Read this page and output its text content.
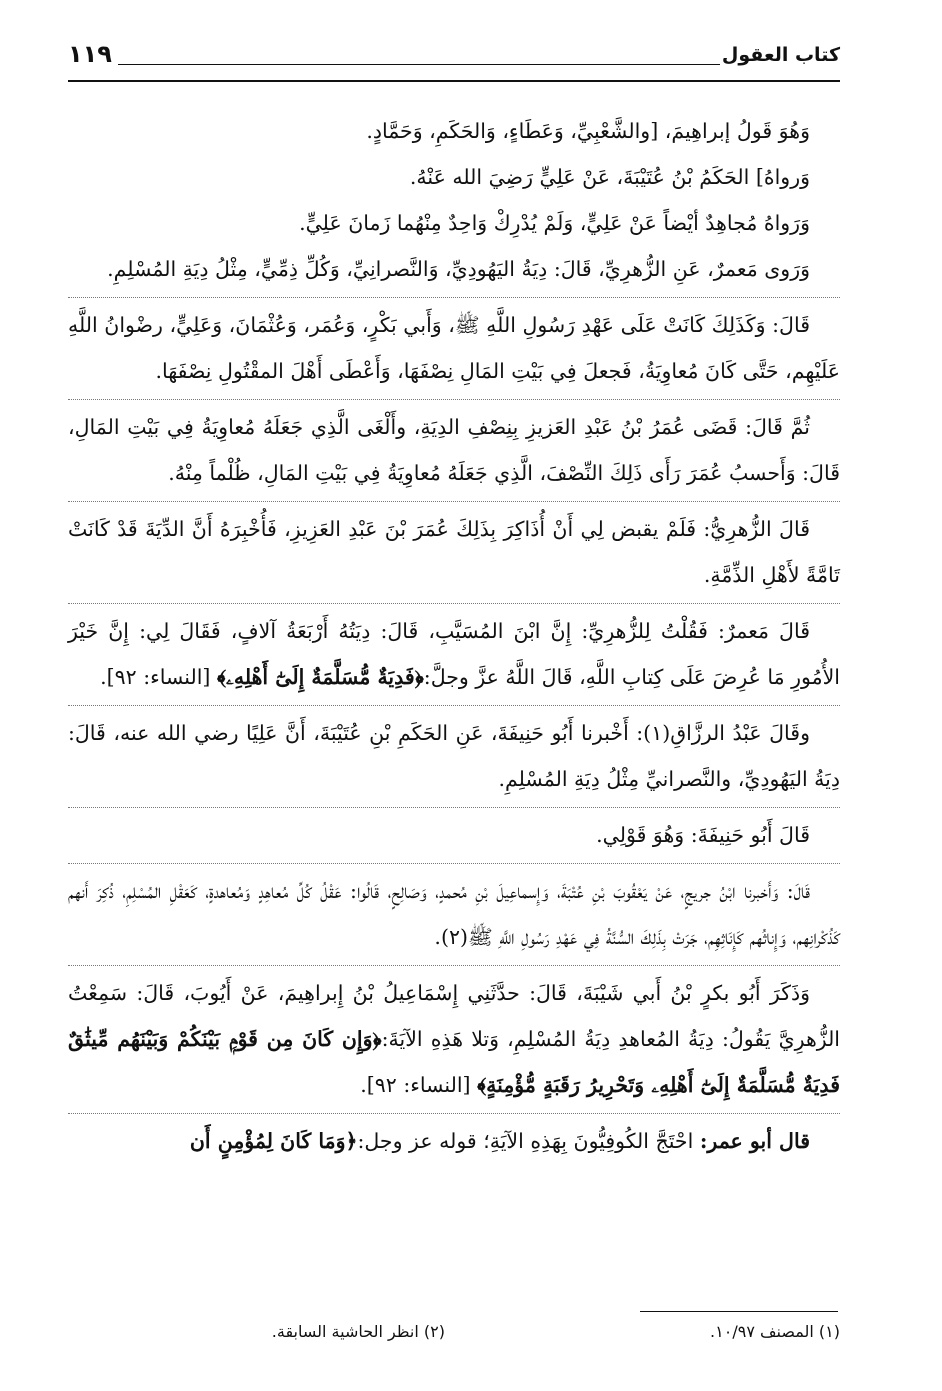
كتاب العقول
١١٩

وَهُوَ قَولُ إبراهِيمَ، [والشَّعْبِيِّ، وَعَطَاءٍ، وَالحَكَمِ، وَحَمَّادٍ.

وَرواهُ] الحَكَمُ بْنُ عُتَيْبَةَ، عَنْ عَلِيٍّ رَضِيَ الله عَنْهُ.

وَرَواهُ مُجاهِدٌ أيْضاً عَنْ عَلِيٍّ، وَلَمْ يُدْرِكْ وَاحِدٌ مِنْهُما زَمانَ عَلِيٍّ.

وَرَوى مَعمرٌ، عَنِ الزُّهرِيِّ، قَالَ: دِيَةُ اليَهُودِيِّ، وَالنَّصرانِيِّ، وَكُلِّ ذِمِّيٍّ، مِثْلُ دِيَةِ المُسْلِمِ.

قَالَ: وَكَذَلِكَ كَانَتْ عَلَى عَهْدِ رَسُولِ اللَّهِ ﷺ، وَأَبي بَكْرٍ، وَعُمَر، وَعُثْمَانَ، وَعَلِيٍّ، رضْوانُ اللَّهِ عَلَيْهِم، حَتَّى كَانَ مُعاوِيَةُ، فَجعلَ فِي بَيْتِ المَالِ نِصْفَهَا، وَأَعْطَى أَهْلَ المقْتُولِ نِصْفَهَا.

ثُمَّ قَالَ: قَضَى عُمَرُ بْنُ عَبْدِ العَزيزِ بِنِصْفِ الدِيَةِ، وأَلْغَى الَّذِي جَعَلَهُ مُعاوِيَةُ فِي بَيْتِ المَالِ، قَالَ: وَأَحسبُ عُمَرَ رَأَى ذَلِكَ النِّصْفَ، الَّذِي جَعَلَهُ مُعاوِيَةُ فِي بَيْتِ المَالِ، ظُلْماً مِنْهُ.

قَالَ الزُّهرِيُّ: فَلَمْ يقبض لِي أَنْ أُذَاكِرَ بِذَلِكَ عُمَرَ بْنَ عَبْدِ العَزِيزِ، فَأُخْبِرَهُ أَنَّ الدِّيَةَ قَدْ كَانَتْ تَامَّةً لأَهْلِ الذِّمَّةِ.

قَالَ مَعمرٌ: فَقُلْتُ لِلزُّهرِيِّ: إِنَّ ابْنَ المُسَيَّبِ، قَالَ: دِيَتُهُ أَرْبَعَةُ آلافٍ، فَقَالَ لِي: إِنَّ خَيْرَ الأُمُورِ مَا عُرِضَ عَلَى كِتابِ اللَّهِ، قَالَ اللَّهُ عزَّ وجلَّ:﴿فَدِيَةٌ مُّسَلَّمَةٌ إِلَىٰٓ أَهْلِهِۦ﴾ [النساء: ٩٢].

وقَالَ عَبْدُ الرزَّاقِ(١): أَخْبرنا أَبُو حَنِيفَةَ، عَنِ الحَكَمِ بْنِ عُتَيْبَةَ، أَنَّ عَلِيًا رضي الله عنه، قَالَ: دِيَةُ اليَهُودِيِّ، والنَّصرانيِّ مِثْلُ دِيَةِ المُسْلِمِ.

قَالَ أَبُو حَنِيفَةَ: وَهُوَ قَوْلِي.

قَالَ: وَأَخبرنا ابْنُ جريجٍ، عَنْ يَعْقُوبَ بْنِ عُتْبَةَ، وَإِسماعِيلَ بْنِ مُحمدٍ، وَصَالِحٍ، قَالُوا: عَقْلُ كُلِّ مُعاهِدٍ وَمُعاهدةٍ، كَعَقْلِ المُسْلِمِ، ذُكِرَ أَنهم كَذُكْرانِهم، وَإِناثُهم كَإِنَاثِهِم، جَرَتْ بِذَلِكَ السُّنَّةُ فِي عَهْدِ رَسُولِ اللَّهِ ﷺ(٢).

وَذَكَرَ أَبُو بكرٍ بْنُ أَبي شَيْبَةَ، قَالَ: حدَّثَنِي إِسْمَاعِيلُ بْنُ إِبراهِيمَ، عَنْ أَيُوبَ، قَالَ: سَمِعْتُ الزُّهرِيَّ يَقُولُ: دِيَةُ المُعاهدِ دِيَةُ المُسْلِمِ، وَتلا هَذِهِ الآيَةَ:﴿وَإِن كَانَ مِن قَوْمِۭ بَيْنَكُمْ وَبَيْنَهُم مِّيثَٰقٌ فَدِيَةٌ مُّسَلَّمَةٌ إِلَىٰٓ أَهْلِهِۦ وَتَحْرِيرُ رَقَبَةٍ مُّؤْمِنَةٍ﴾ [النساء: ٩٢].

قال أبو عمر: احْتَجَّ الكُوفِيُّونَ بِهَذِهِ الآيَةِ؛ قوله عز وجل:﴿وَمَا كَانَ لِمُؤْمِنٍ أَن

(١) المصنف ١٠/٩٧.
(٢) انظر الحاشية السابقة.
